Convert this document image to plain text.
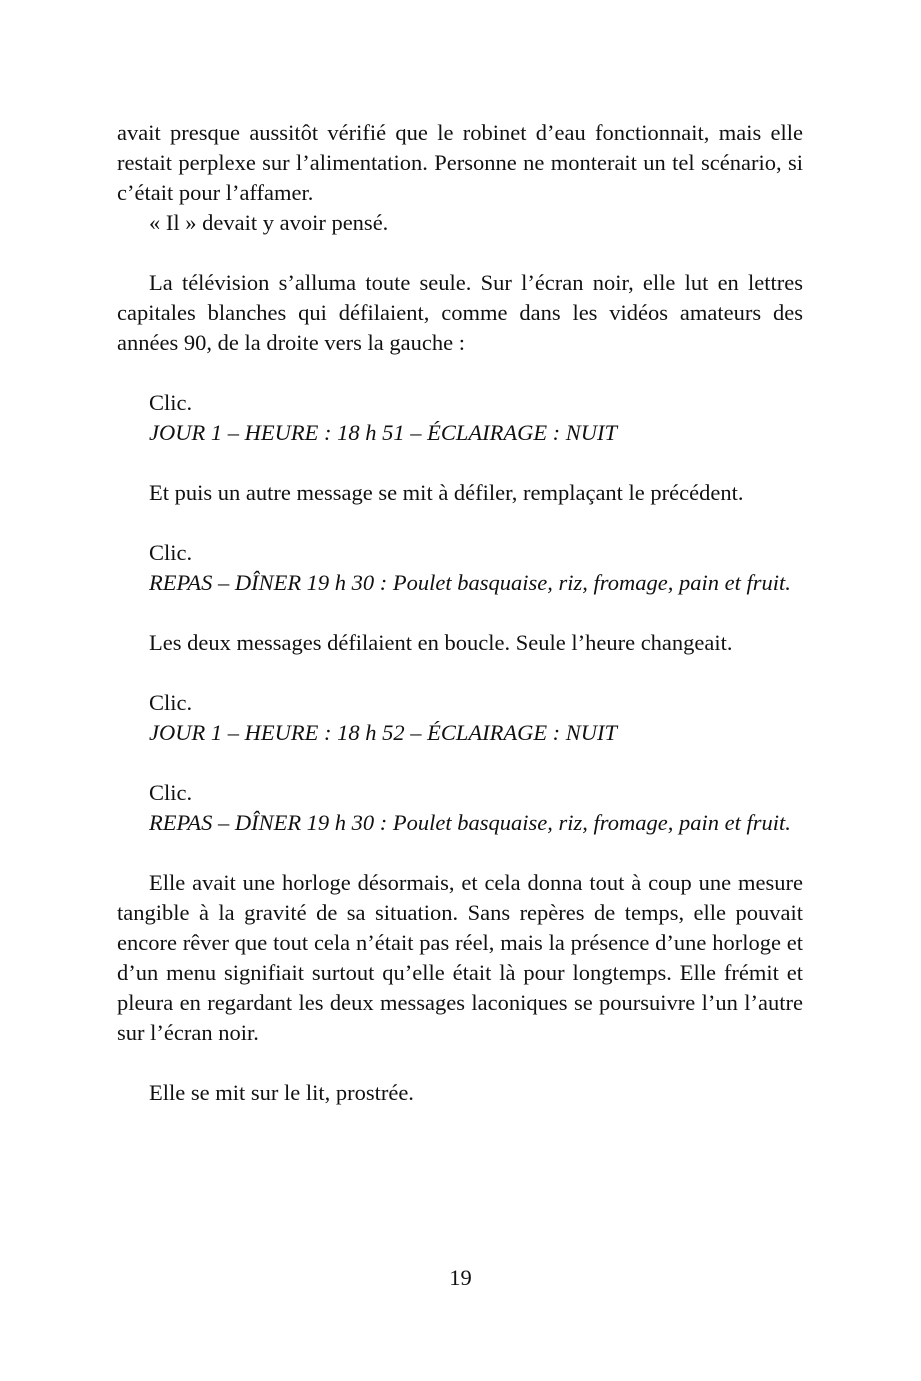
avait presque aussitôt vérifié que le robinet d’eau fonctionnait, mais elle restait perplexe sur l’alimentation. Personne ne monterait un tel scénario, si c’était pour l’affamer.

« Il » devait y avoir pensé.

La télévision s’alluma toute seule. Sur l’écran noir, elle lut en lettres capitales blanches qui défilaient, comme dans les vidéos amateurs des années 90, de la droite vers la gauche :

Clic.

JOUR 1 – HEURE : 18 h 51 – ÉCLAIRAGE : NUIT

Et puis un autre message se mit à défiler, remplaçant le précédent.

Clic.

REPAS – DÎNER 19 h 30 : Poulet basquaise, riz, fromage, pain et fruit.

Les deux messages défilaient en boucle. Seule l’heure changeait.

Clic.

JOUR 1 – HEURE : 18 h 52 – ÉCLAIRAGE : NUIT

Clic.

REPAS – DÎNER 19 h 30 : Poulet basquaise, riz, fromage, pain et fruit.

Elle avait une horloge désormais, et cela donna tout à coup une mesure tangible à la gravité de sa situation. Sans repères de temps, elle pouvait encore rêver que tout cela n’était pas réel, mais la présence d’une horloge et d’un menu signifiait surtout qu’elle était là pour longtemps. Elle frémit et pleura en regardant les deux messages laconiques se poursuivre l’un l’autre sur l’écran noir.

Elle se mit sur le lit, prostrée.

19
